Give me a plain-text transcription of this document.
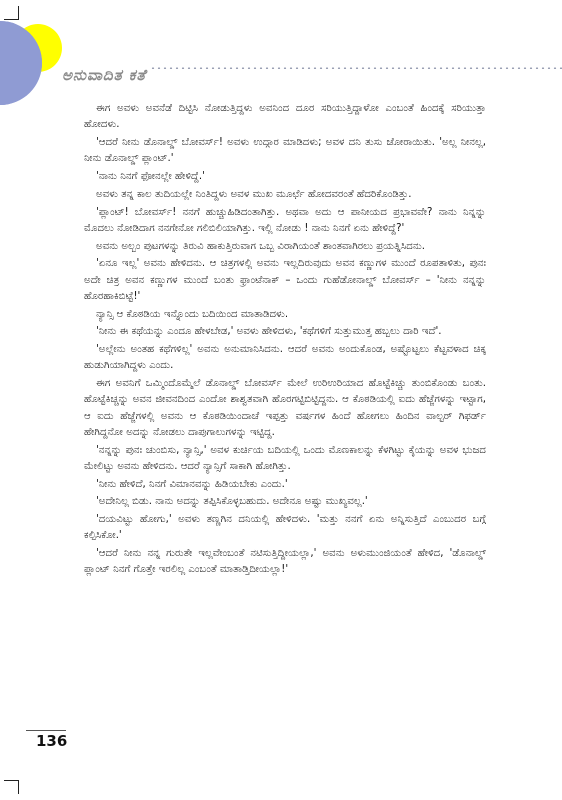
ಅನುವಾದಿತ ಕತೆ

ಈಗ ಅವಳು ಅವನೆಡೆ ದಿಟ್ಟಿಸಿ ನೋಡುತ್ತಿದ್ದಳು ಅವನಿಂದ ದೂರ ಸರಿಯುತ್ತಿದ್ದಾಳೋ ಎಂಬಂತೆ ಹಿಂದಕ್ಕೆ ಸರಿಯುತ್ತಾ ಹೋದಳು.

'ಆದರೆ ನೀನು ಡೊನಾಲ್ಡ್ ಬೋವರ್ಸ್! ಅವಳು ಉದ್ಗಾರ ಮಾಡಿದಳು; ಅವಳ ದನಿ ತುಸು ಜೋರಾಯಿತು. 'ಅಲ್ಲ ನೀನಲ್ಲ, ನೀನು ಡೊನಾಲ್ಡ್ ಪ್ಲಾಂಟ್.'

'ನಾನು ನಿನಗೆ ಫೋನಲ್ಲೇ ಹೇಳಿದ್ದೆ.'

ಅವಳು ತನ್ನ ಕಾಲ ತುದಿಯಲ್ಲೇ ನಿಂತಿದ್ದಳು ಅವಳ ಮುಖ ಮೂರ್ಛೆ ಹೋದವರಂತೆ ಹೆದರಿಕೊಂಡಿತ್ತು.

'ಪ್ಲಾಂಟ್! ಬೋವರ್ಸ್! ನನಗೆ ಹುಚ್ಚುಹಿಡಿದಂತಾಗಿತ್ತು. ಅಥವಾ ಅದು ಆ ಪಾನೀಯದ ಪ್ರಭಾವವೇ? ನಾನು ನಿನ್ನನ್ನು ಮೊದಲು ನೋಡಿದಾಗ ನನಗೇನೋ ಗಲಿಬಿಲಿಯಾಗಿತ್ತು. ಇಲ್ಲಿ ನೋಡು ! ನಾನು ನಿನಗೆ ಏನು ಹೇಳಿದ್ದೆ?'

ಅವನು ಅಲ್ಬಂ ಪುಟಗಳನ್ನು ತಿರುವಿ ಹಾಕುತ್ತಿರುವಾಗ ಒಬ್ಬ ವಿರಾಗಿಯಂತೆ ಶಾಂತವಾಗಿರಲು ಪ್ರಯತ್ನಿಸಿದನು.

'ಏನೂ ಇಲ್ಲ' ಅವನು ಹೇಳಿದನು. ಆ ಚಿತ್ರಗಳಲ್ಲಿ ಅವನು ಇಲ್ಲದಿರುವುದು ಅವನ ಕಣ್ಣುಗಳ ಮುಂದೆ ರೂಪತಾಳಿತು, ಪುನಃ ಅದೇ ಚಿತ್ರ ಅವನ ಕಣ್ಣುಗಳ ಮುಂದೆ ಬಂತು ಫ್ರಾಂಟೆನಾಕ್ – ಒಂದು ಗುಹೆಡೋನಾಲ್ಡ್ ಬೋವರ್ಸ್ – 'ನೀನು ನನ್ನನ್ನು ಹೊರಹಾಕಿಬಿಟ್ಟೆ!'

ನ್ಯಾನ್ಸಿ ಆ ಕೊಠಡಿಯ ಇನ್ನೊಂದು ಬದಿಯಿಂದ ಮಾತಾಡಿದಳು.

'ನೀನು ಈ ಕಥೆಯನ್ನು ಎಂದೂ ಹೇಳಬೇಡ,' ಅವಳು ಹೇಳಿದಳು, 'ಕಥೆಗಳಿಗೆ ಸುತ್ತುಮುತ್ತ ಹಬ್ಬಲು ದಾರಿ ಇದೆ'.

'ಅಲ್ಲೇನು ಅಂತಹ ಕಥೆಗಳಿಲ್ಲ' ಅವನು ಅನುಮಾನಿಸಿದನು. ಆದರೆ ಅವನು ಅಂದುಕೊಂಡ, ಅಷ್ಟೊಟ್ಟಲು ಕೆಟ್ಟವಳಾದ ಚಿಕ್ಕ ಹುಡುಗಿಯಾಗಿದ್ದಳು ಎಂದು.

ಈಗ ಅವನಿಗೆ ಒಮ್ಮಿಂದೊಮ್ಮೆಲೆ ಡೊನಾಲ್ಡ್ ಬೋವರ್ಸ್ ಮೇಲೆ ಉರಿಉರಿಯಾದ ಹೊಟ್ಟೆಕಿಚ್ಚು ತುಂಬಿಕೊಂಡು ಬಂತು. ಹೊಟ್ಟೆಕಿಚ್ಚನ್ನು ಅವನ ಜೀವನದಿಂದ ಎಂದೋ ಶಾಶ್ವತವಾಗಿ ಹೊರಗಟ್ಟಿಬಿಟ್ಟಿದ್ದನು. ಆ ಕೊಠಡಿಯಲ್ಲಿ ಐದು ಹೆಜ್ಜೆಗಳನ್ನು ಇಟ್ಟಾಗ, ಆ ಐದು ಹೆಜ್ಜೆಗಳಲ್ಲಿ ಅವನು ಆ ಕೊಠಡಿಯಿಂದಾಚೆ ಇಪ್ಪತ್ತು ವರ್ಷಗಳ ಹಿಂದೆ ಹೋಗಲು ಹಿಂದಿನ ವಾಲ್ಟರ್ ಗಿಫರ್ಡ್ ಹೇಗಿದ್ದನೋ ಅದನ್ನು ನೋಡಲು ದಾಪುಗಾಲುಗಳನ್ನು ಇಟ್ಟಿದ್ದ.

'ನನ್ನನ್ನು ಪುನಃ ಚುಂಬಿಸು, ನ್ಯಾನ್ಸಿ,' ಅವಳ ಕುರ್ಚಿಯ ಬದಿಯಲ್ಲಿ ಒಂದು ಮೊಣಕಾಲನ್ನು ಕೆಳಗಿಟ್ಟು ಕೈಯನ್ನು ಅವಳ ಭುಜದ ಮೇಲಿಟ್ಟು ಅವನು ಹೇಳಿದನು. ಆದರೆ ನ್ಯಾನ್ಸಿಗೆ ಸಾಕಾಗಿ ಹೋಗಿತ್ತು.

'ನೀನು ಹೇಳಿದೆ, ನಿನಗೆ ವಿಮಾನವನ್ನು ಹಿಡಿಯಬೇಕು ಎಂದು.'

'ಅದೇನಿಲ್ಲ ಬಿಡು. ನಾನು ಅದನ್ನು ತಪ್ಪಿಸಿಕೊಳ್ಳಬಹುದು. ಅದೇನೂ ಅಷ್ಟು ಮುಖ್ಯವಲ್ಲ.'

'ದಯವಿಟ್ಟು ಹೋಗು,' ಅವಳು ತಣ್ಣಗಿನ ದನಿಯಲ್ಲಿ ಹೇಳಿದಳು. 'ಮತ್ತು ನನಗೆ ಏನು ಅನ್ನಿಸುತ್ತಿದೆ ಎಂಬುದರ ಬಗ್ಗೆ ಕಲ್ಪಿಸಿಕೋ.'

'ಆದರೆ ನೀನು ನನ್ನ ಗುರುತೇ ಇಲ್ಲವೇಂಬಂತೆ ನಟಿಸುತ್ತಿದ್ದೀಯಲ್ಲಾ,' ಅವನು ಅಳುಮುಂಜಿಯಂತೆ ಹೇಳಿದ, 'ಡೊನಾಲ್ಡ್ ಪ್ಲಾಂಟ್ ನಿನಗೆ ಗೊತ್ತೇ ಇರಲಿಲ್ಲ ಎಂಬಂತೆ ಮಾತಾಡ್ತಿದೀಯಲ್ಲಾ!'

136
